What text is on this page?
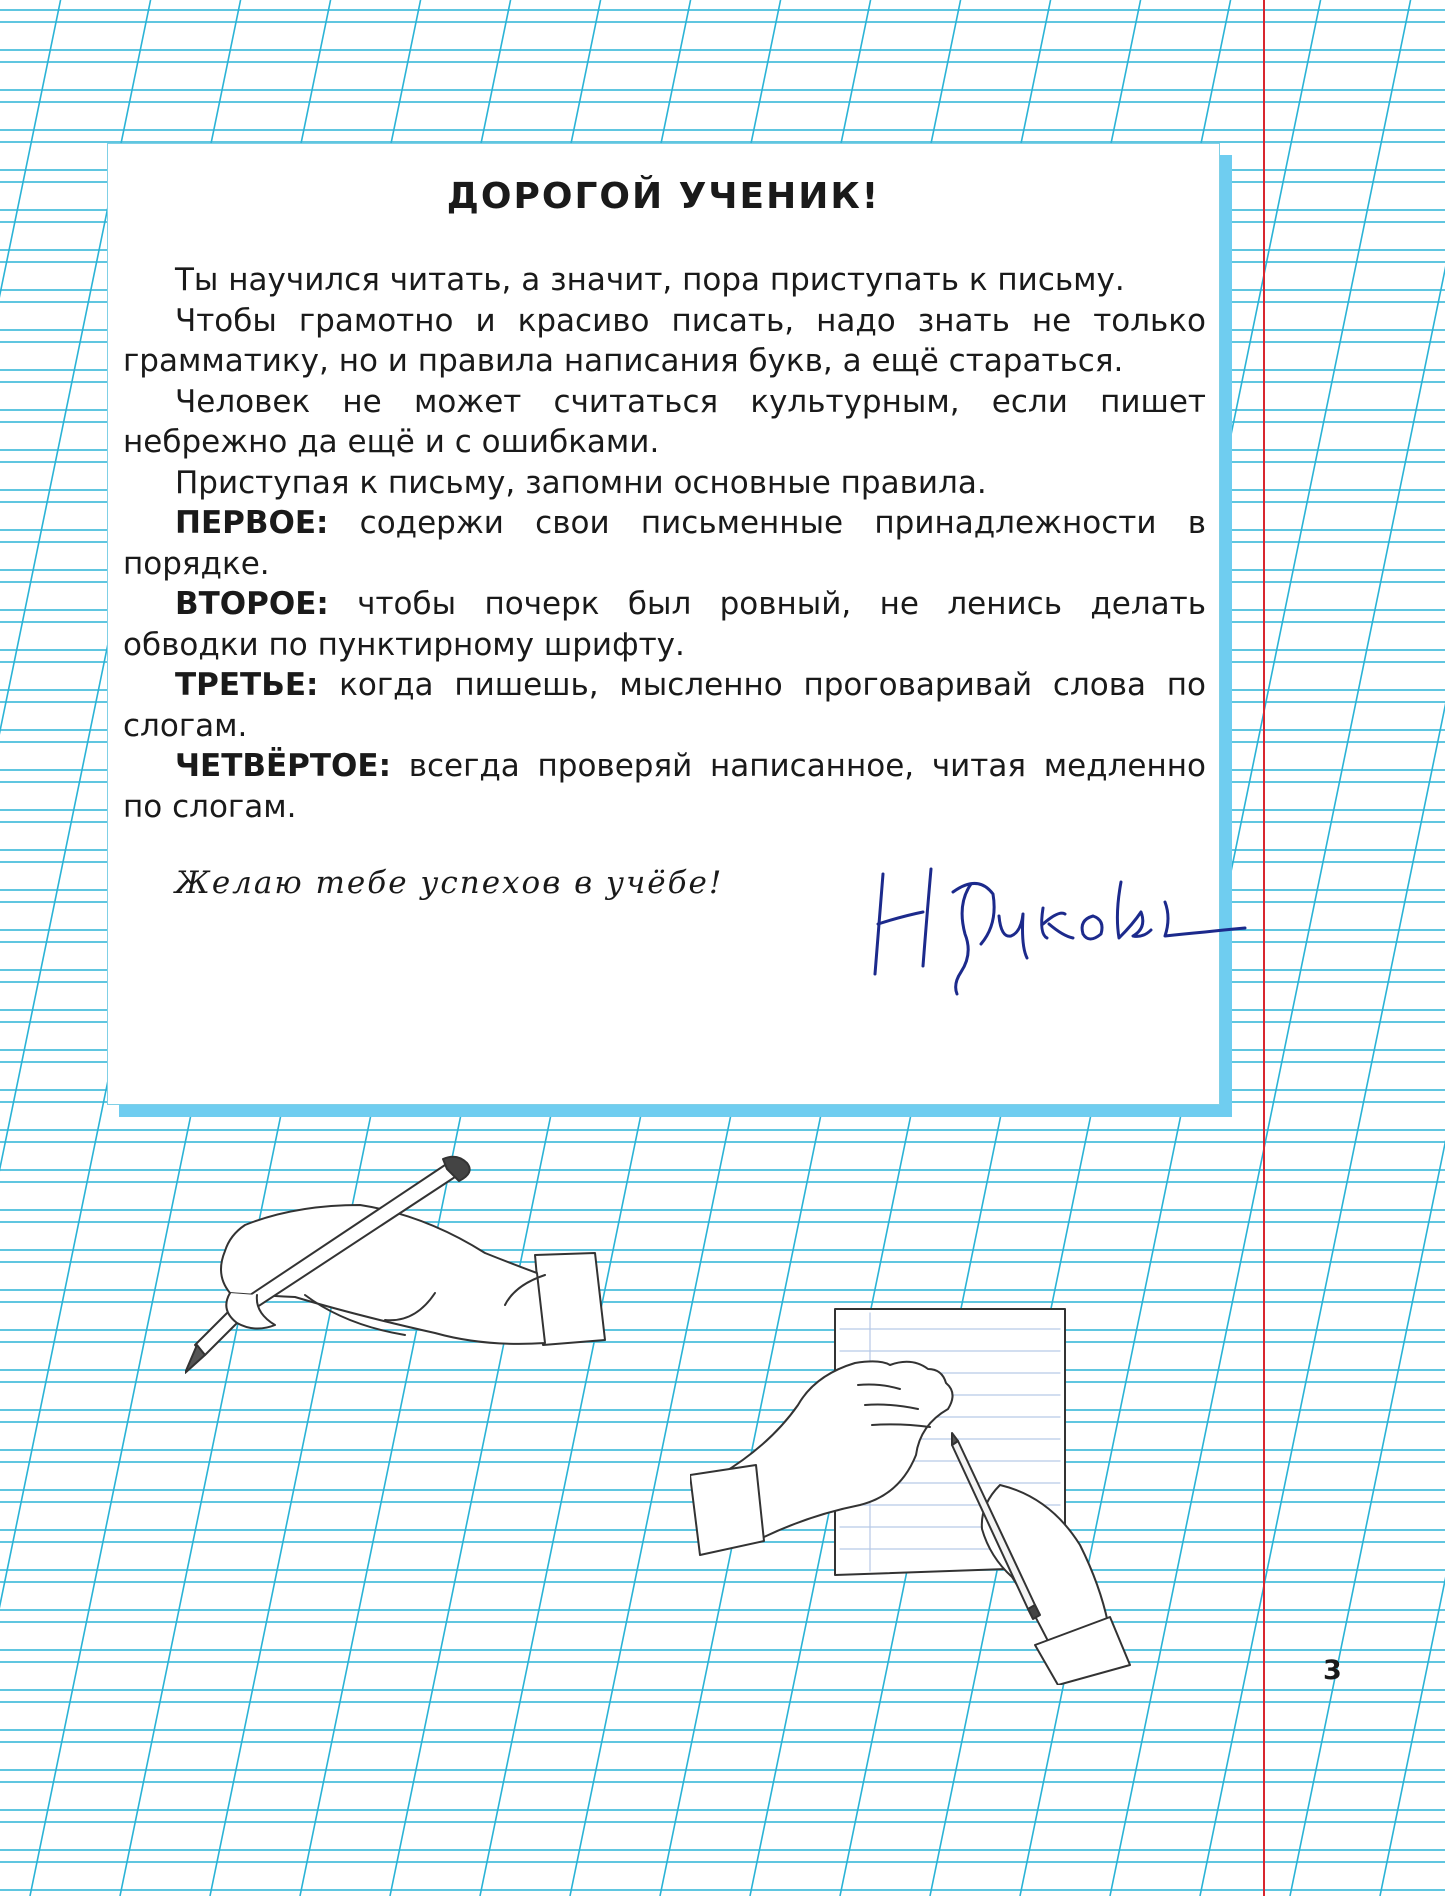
ДОРОГОЙ УЧЕНИК!

Ты научился читать, а значит, пора приступать к письму.

Чтобы грамотно и красиво писать, надо знать не только грамматику, но и правила написания букв, а ещё стараться.

Человек не может считаться культурным, если пишет небрежно да ещё и с ошибками.

Приступая к письму, запомни основные правила.

ПЕРВОЕ: содержи свои письменные принадлежности в порядке.

ВТОРОЕ: чтобы почерк был ровный, не ленись делать обводки по пунктирному шрифту.

ТРЕТЬЕ: когда пишешь, мысленно проговаривай слова по слогам.

ЧЕТВЁРТОЕ: всегда проверяй написанное, читая медленно по слогам.

Желаю тебе успехов в учёбе!
3
